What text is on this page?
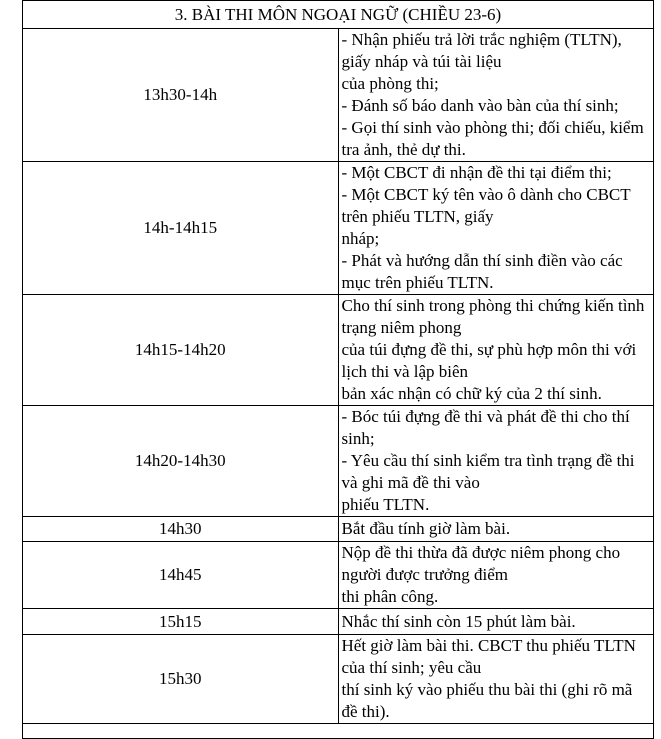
3. BÀI THI MÔN NGOẠI NGỮ (CHIỀU 23-6)	
13h30-14h	- Nhận phiếu trả lời trắc nghiệm (TLTN), giấy nháp và túi tài liệu
của phòng thi;
- Đánh số báo danh vào bàn của thí sinh;
- Gọi thí sinh vào phòng thi; đối chiếu, kiểm tra ảnh, thẻ dự thi.

14h-14h15	- Một CBCT đi nhận đề thi tại điểm thi;
- Một CBCT ký tên vào ô dành cho CBCT trên phiếu TLTN, giấy
nháp;
- Phát và hướng dẫn thí sinh điền vào các mục trên phiếu TLTN.

14h15-14h20	Cho thí sinh trong phòng thi chứng kiến tình trạng niêm phong
của túi đựng đề thi, sự phù hợp môn thi với lịch thi và lập biên
bản xác nhận có chữ ký của 2 thí sinh.

14h20-14h30	- Bóc túi đựng đề thi và phát đề thi cho thí sinh;
- Yêu cầu thí sinh kiểm tra tình trạng đề thi và ghi mã đề thi vào
phiếu TLTN.

14h30	Bắt đầu tính giờ làm bài.

14h45	Nộp đề thi thừa đã được niêm phong cho người được trưởng điểm
thi phân công.

15h15	Nhắc thí sinh còn 15 phút làm bài.

15h30	Hết giờ làm bài thi. CBCT thu phiếu TLTN của thí sinh; yêu cầu
thí sinh ký vào phiếu thu bài thi (ghi rõ mã đề thi).
